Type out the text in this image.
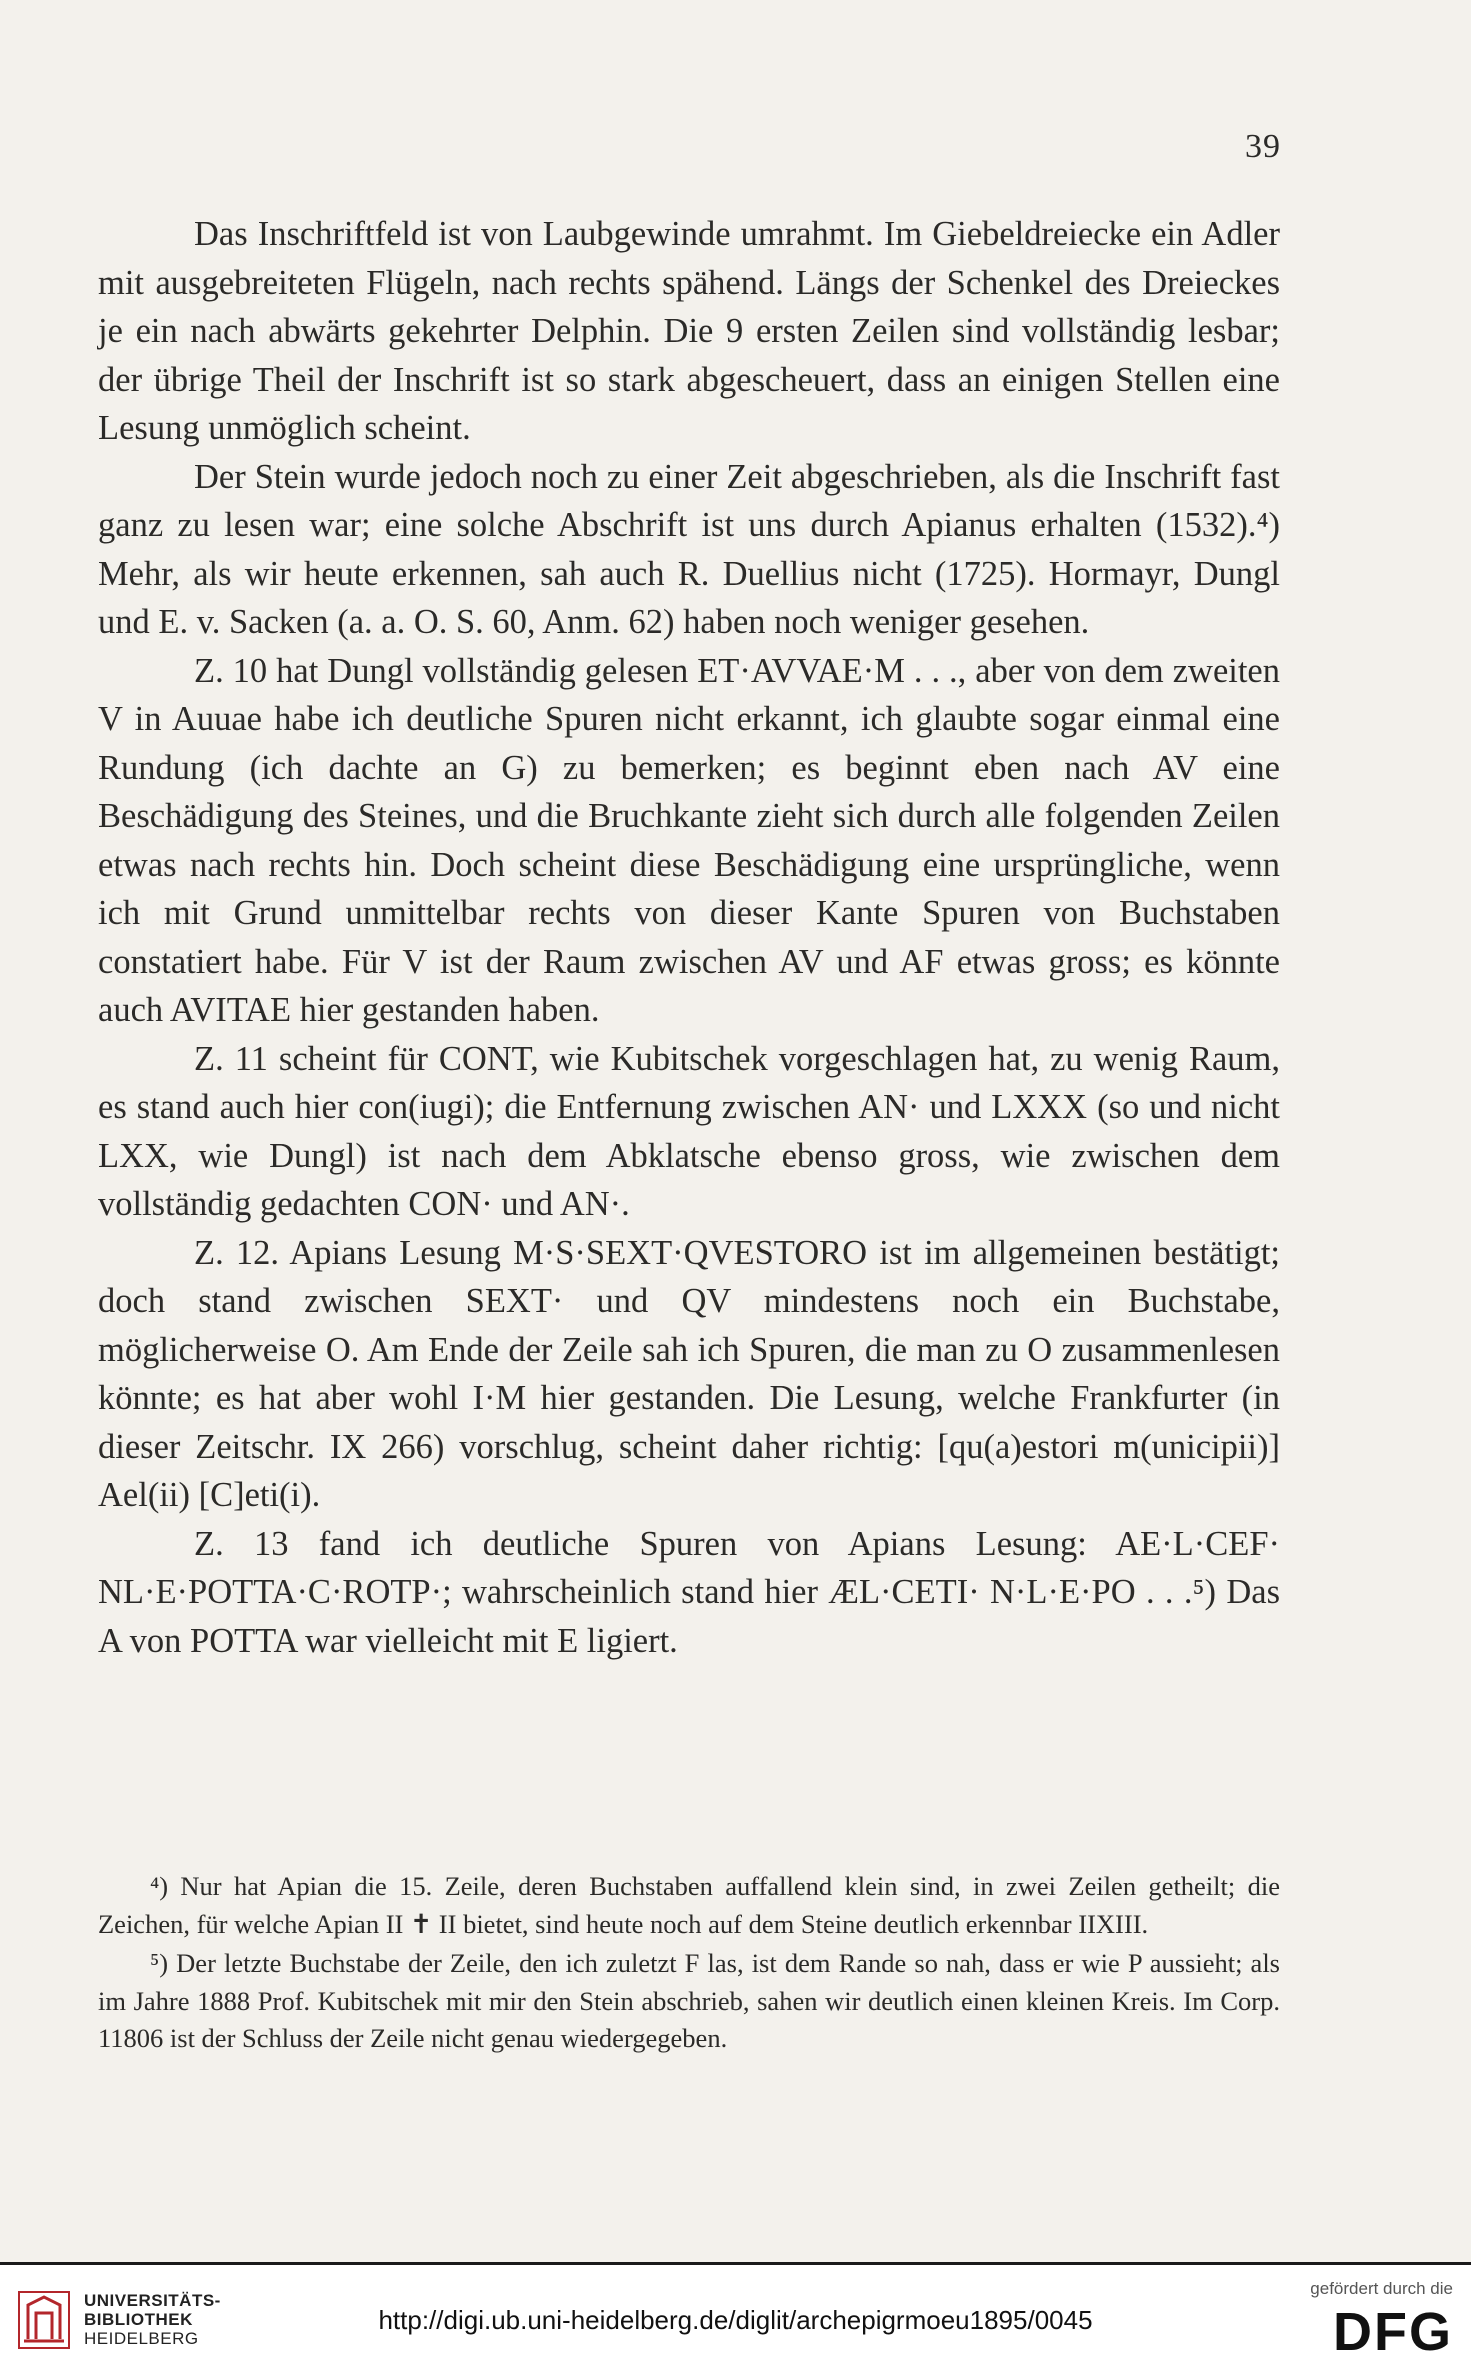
39

Das Inschriftfeld ist von Laubgewinde umrahmt. Im Giebeldreiecke ein Adler mit ausgebreiteten Flügeln, nach rechts spähend. Längs der Schenkel des Dreieckes je ein nach abwärts gekehrter Delphin. Die 9 ersten Zeilen sind vollständig lesbar; der übrige Theil der Inschrift ist so stark abgescheuert, dass an einigen Stellen eine Lesung unmöglich scheint.

Der Stein wurde jedoch noch zu einer Zeit abgeschrieben, als die Inschrift fast ganz zu lesen war; eine solche Abschrift ist uns durch Apianus erhalten (1532).⁴) Mehr, als wir heute erkennen, sah auch R. Duellius nicht (1725). Hormayr, Dungl und E. v. Sacken (a. a. O. S. 60, Anm. 62) haben noch weniger gesehen.

Z. 10 hat Dungl vollständig gelesen ET·AVVAE·M . . ., aber von dem zweiten V in Auuae habe ich deutliche Spuren nicht erkannt, ich glaubte sogar einmal eine Rundung (ich dachte an G) zu bemerken; es beginnt eben nach AV eine Beschädigung des Steines, und die Bruchkante zieht sich durch alle folgenden Zeilen etwas nach rechts hin. Doch scheint diese Beschädigung eine ursprüngliche, wenn ich mit Grund unmittelbar rechts von dieser Kante Spuren von Buchstaben constatiert habe. Für V ist der Raum zwischen AV und AF etwas gross; es könnte auch AVITAE hier gestanden haben.

Z. 11 scheint für CONT, wie Kubitschek vorgeschlagen hat, zu wenig Raum, es stand auch hier con(iugi); die Entfernung zwischen AN· und LXXX (so und nicht LXX, wie Dungl) ist nach dem Abklatsche ebenso gross, wie zwischen dem vollständig gedachten CON· und AN·.

Z. 12. Apians Lesung M·S·SEXT·QVESTORO ist im allgemeinen bestätigt; doch stand zwischen SEXT· und QV mindestens noch ein Buchstabe, möglicherweise O. Am Ende der Zeile sah ich Spuren, die man zu O zusammenlesen könnte; es hat aber wohl I·M hier gestanden. Die Lesung, welche Frankfurter (in dieser Zeitschr. IX 266) vorschlug, scheint daher richtig: [qu(a)estori m(unicipii)] Ael(ii) [C]eti(i).

Z. 13 fand ich deutliche Spuren von Apians Lesung: AE·L·CEF· NL·E·POTTA·C·ROTP·; wahrscheinlich stand hier ÆL·CETI· N·L·E·PO . . .⁵) Das A von POTTA war vielleicht mit E ligiert.

⁴) Nur hat Apian die 15. Zeile, deren Buchstaben auffallend klein sind, in zwei Zeilen getheilt; die Zeichen, für welche Apian II ✝ II bietet, sind heute noch auf dem Steine deutlich erkennbar IIXIII.

⁵) Der letzte Buchstabe der Zeile, den ich zuletzt F las, ist dem Rande so nah, dass er wie P aussieht; als im Jahre 1888 Prof. Kubitschek mit mir den Stein abschrieb, sahen wir deutlich einen kleinen Kreis. Im Corp. 11806 ist der Schluss der Zeile nicht genau wiedergegeben.

UNIVERSITÄTS-
BIBLIOTHEK
HEIDELBERG
http://digi.ub.uni-heidelberg.de/diglit/archepigrmoeu1895/0045
gefördert durch die
DFG
